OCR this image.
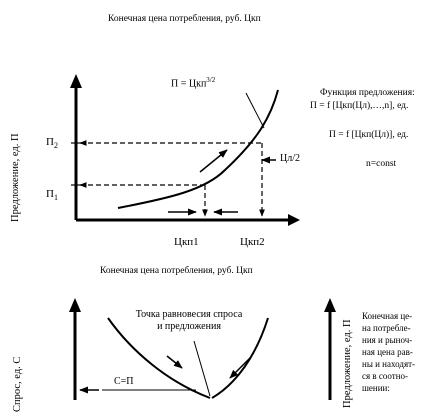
Конечная цена потребления, руб. Цкп
Предложение, ед. П
П = Цкп$^{3/2}$
$П_2$
$П_1$
Цл/2
Цкп1	Цкп2
Конечная цена потребления, руб. Цкп
Функция предложения:
П = f [Цкп(Цл),…,n], ед.
П = f [Цкп(Цл)], ед.
n=const
Спрос, ед. С	Предложение, ед. П
Точка равновесия спроса
и предложения
С=П
Конечная це-
на потребле-
ния и рыноч-
ная цена рав-
ны и находят-
ся в соотно-
шении:
